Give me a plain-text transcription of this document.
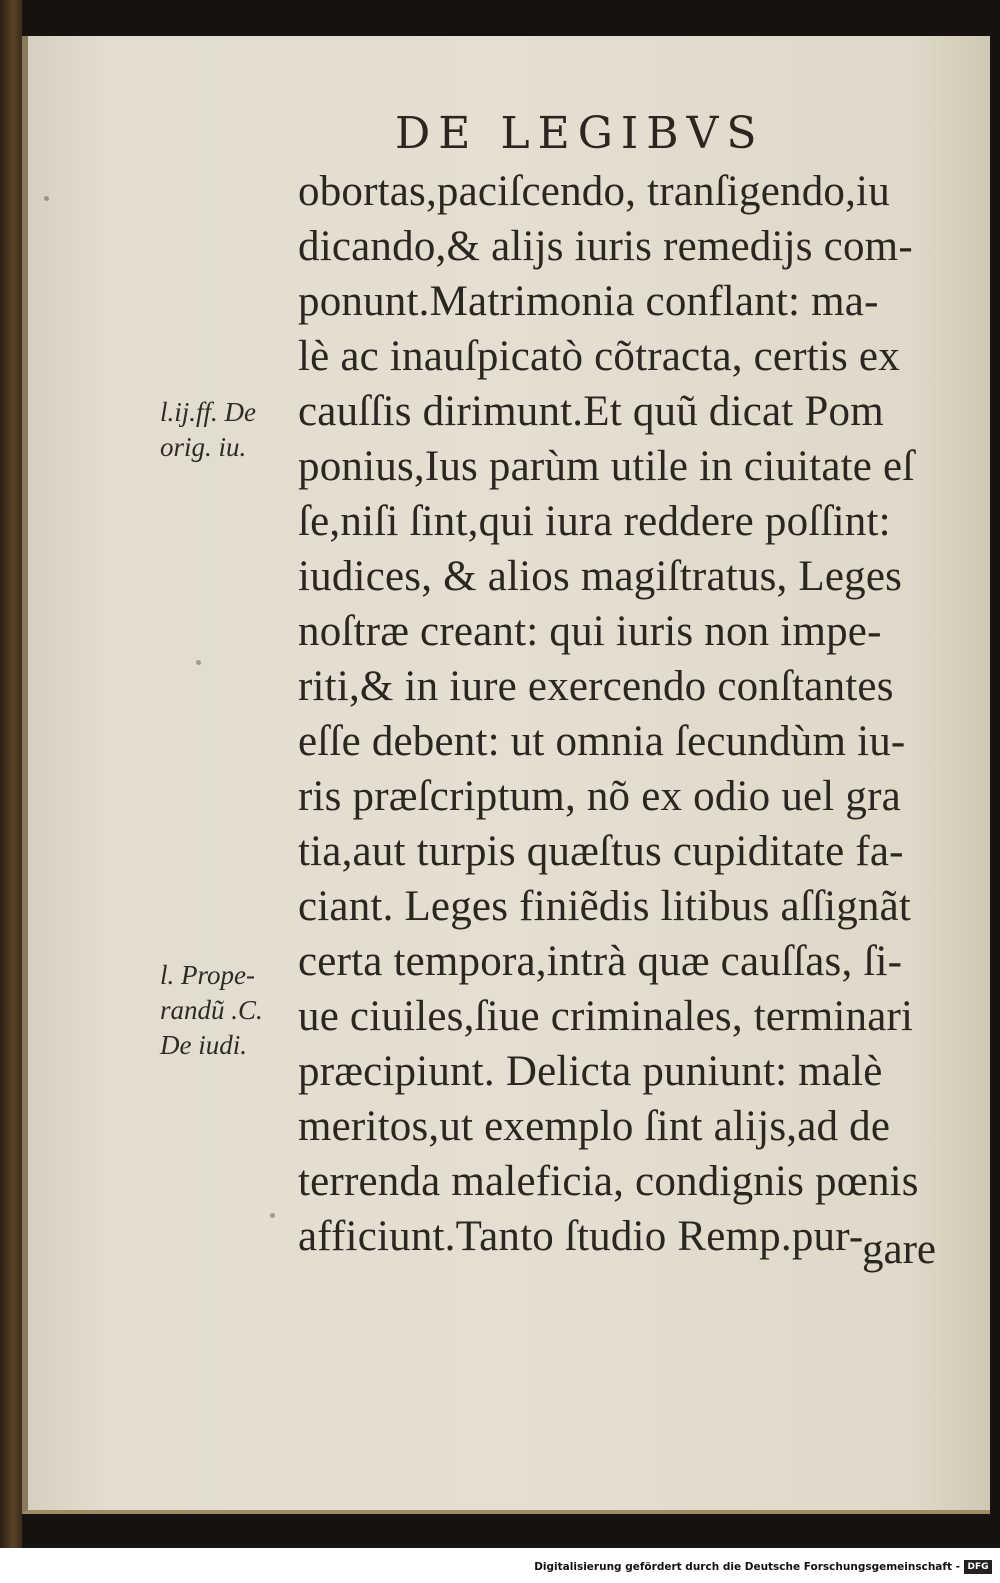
DE LEGIBVS
obortas,paciſcendo, tranſigendo,iu
dicando,& aliјs iuris remediјs com-
ponunt.Matrimonia conflant: ma-
lè ac inauſpicatò cõtracta, certis ex
cauſſis dirimunt.Et quũ dicat Pom
ponius,Ius parùm utile in ciuitate eſ
ſe,niſi ſint,qui iura reddere poſſint:
iudices, & alios magiſtratus, Leges
noſtræ creant: qui iuris non impe-
riti,& in iure exercendo conſtantes
eſſe debent: ut omnia ſecundùm iu-
ris præſcriptum, nõ ex odio uel gra
tia,aut turpis quæſtus cupiditate fa-
ciant. Leges finiẽdis litibus aſſignãt
certa tempora,intrà quæ cauſſas, ſi-
ue ciuiles,ſiue criminales, terminari
præcipiunt. Delicta puniunt: malè
meritos,ut exemplo ſint aliјs,ad de
terrenda maleficia, condignis pœnis
afficiunt.Tanto ſtudio Remp.pur-
gare
l.ij.ff. De
orig. iu.
l. Prope-
randũ .C.
De iudi.
Digitalisierung gefördert durch die Deutsche Forschungsgemeinschaft - DFG
